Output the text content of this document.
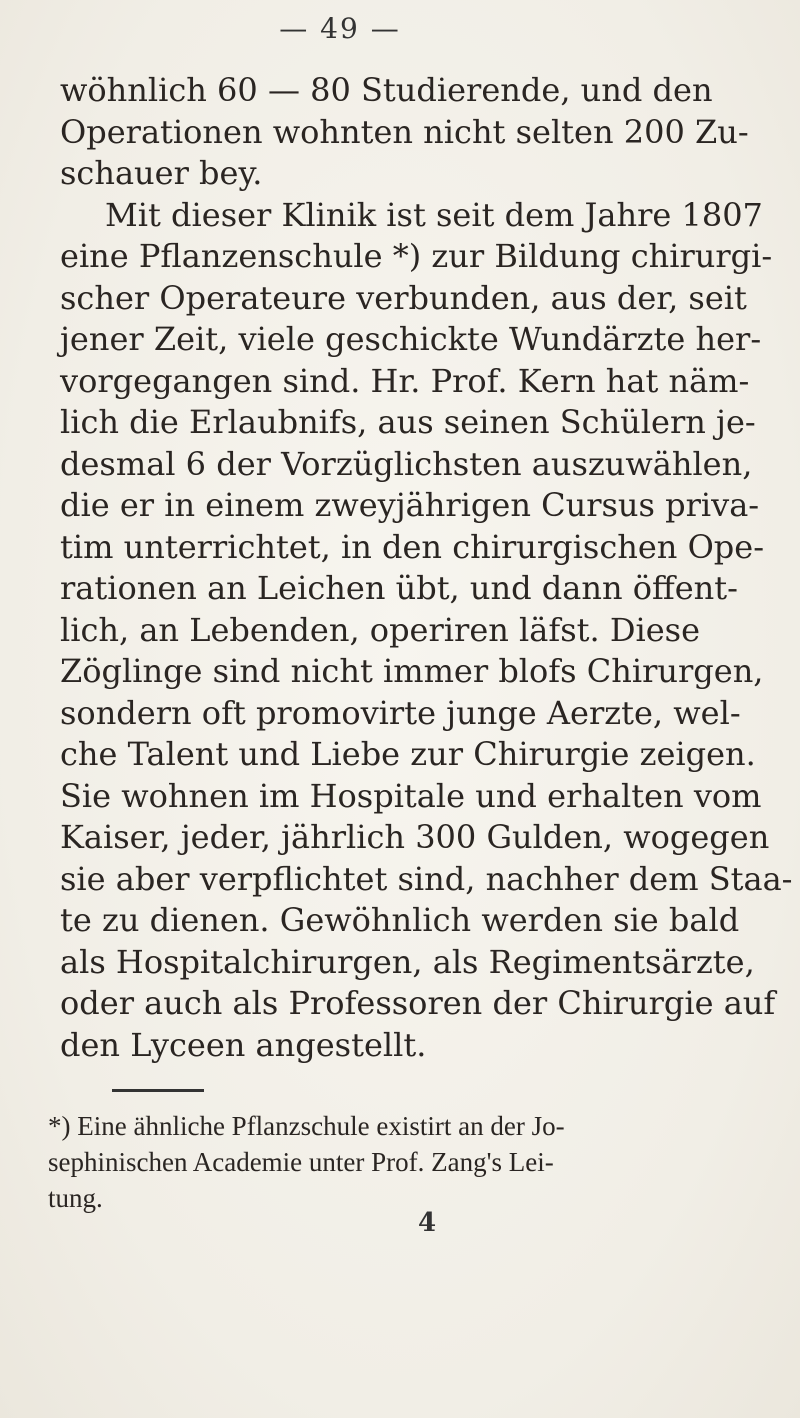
— 49 —
wöhnlich 60 — 80 Studierende, und den
Operationen wohnten nicht selten 200 Zu-
schauer bey.
Mit dieser Klinik ist seit dem Jahre 1807
eine Pflanzenschule *) zur Bildung chirurgi-
scher Operateure verbunden, aus der, seit
jener Zeit, viele geschickte Wundärzte her-
vorgegangen sind. Hr. Prof. Kern hat näm-
lich die Erlaubnifs, aus seinen Schülern je-
desmal 6 der Vorzüglichsten auszuwählen,
die er in einem zweyjährigen Cursus priva-
tim unterrichtet, in den chirurgischen Ope-
rationen an Leichen übt, und dann öffent-
lich, an Lebenden, operiren läfst. Diese
Zöglinge sind nicht immer blofs Chirurgen,
sondern oft promovirte junge Aerzte, wel-
che Talent und Liebe zur Chirurgie zeigen.
Sie wohnen im Hospitale und erhalten vom
Kaiser, jeder, jährlich 300 Gulden, wogegen
sie aber verpflichtet sind, nachher dem Staa-
te zu dienen. Gewöhnlich werden sie bald
als Hospitalchirurgen, als Regimentsärzte,
oder auch als Professoren der Chirurgie auf
den Lyceen angestellt.
*) Eine ähnliche Pflanzschule existirt an der Jo-
sephinischen Academie unter Prof. Zang's Lei-
tung.
4
